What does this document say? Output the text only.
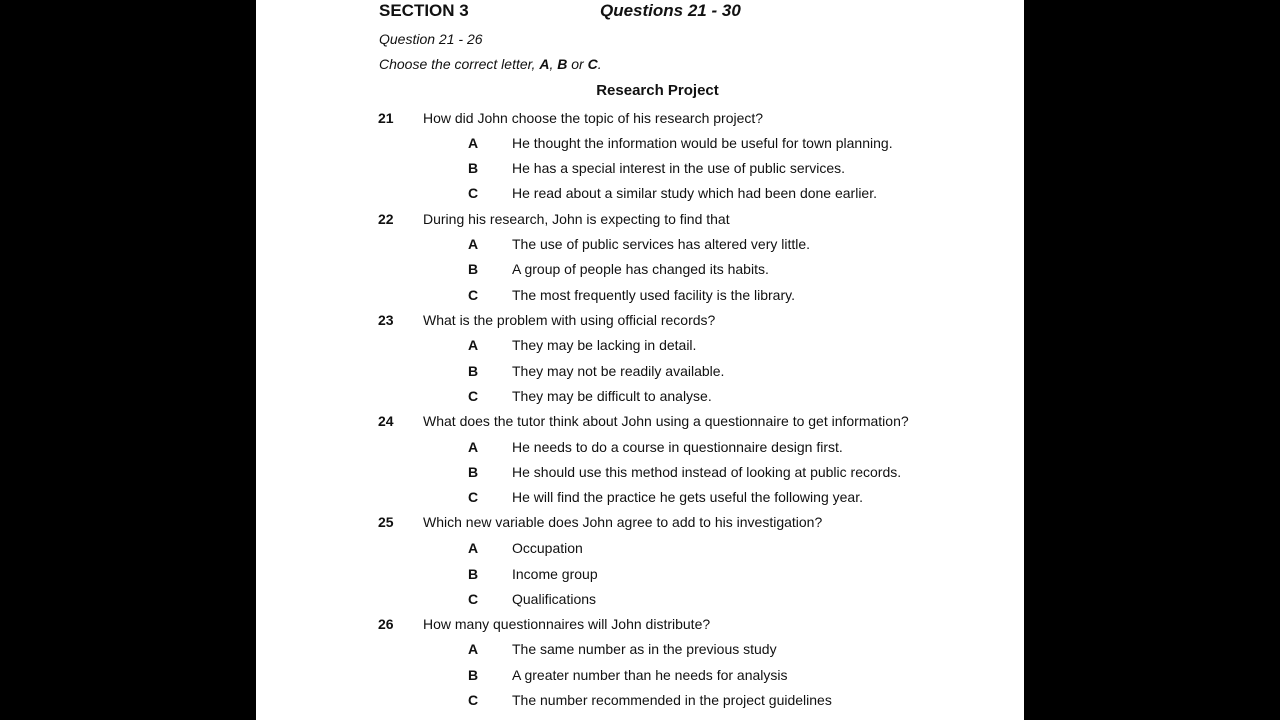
SECTION 3	Questions 21 - 30
Question 21 - 26
Choose the correct letter, A, B or C.
Research Project
21 How did John choose the topic of his research project?
A He thought the information would be useful for town planning.
B He has a special interest in the use of public services.
C He read about a similar study which had been done earlier.
22 During his research, John is expecting to find that
A The use of public services has altered very little.
B A group of people has changed its habits.
C The most frequently used facility is the library.
23 What is the problem with using official records?
A They may be lacking in detail.
B They may not be readily available.
C They may be difficult to analyse.
24 What does the tutor think about John using a questionnaire to get information?
A He needs to do a course in questionnaire design first.
B He should use this method instead of looking at public records.
C He will find the practice he gets useful the following year.
25 Which new variable does John agree to add to his investigation?
A Occupation
B Income group
C Qualifications
26 How many questionnaires will John distribute?
A The same number as in the previous study
B A greater number than he needs for analysis
C The number recommended in the project guidelines
